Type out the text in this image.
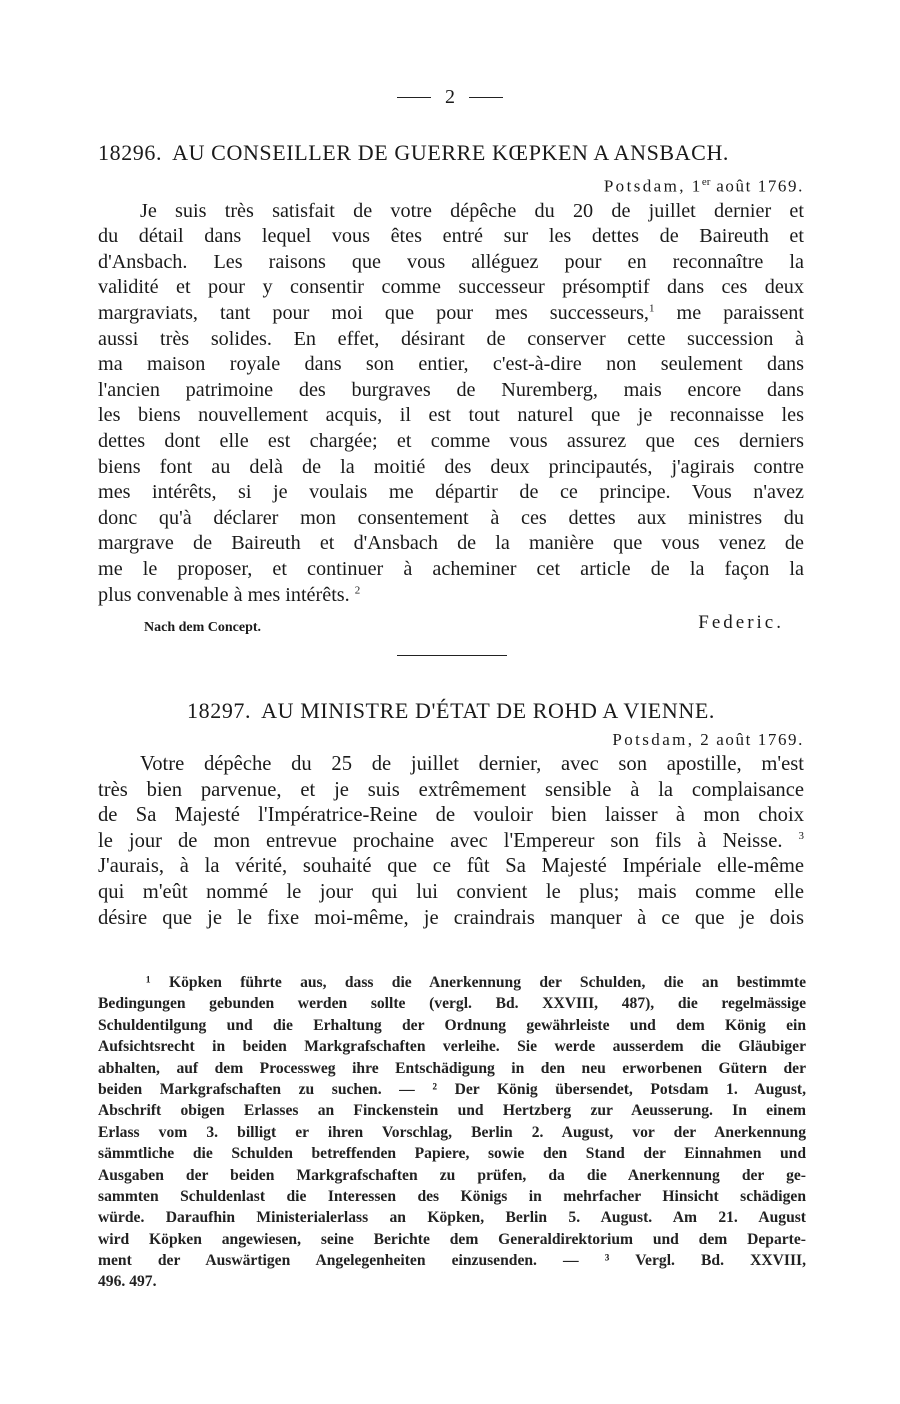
2
18296. AU CONSEILLER DE GUERRE KŒPKEN A ANSBACH.
Potsdam, 1er août 1769.
Je suis très satisfait de votre dépêche du 20 de juillet dernier et
du détail dans lequel vous êtes entré sur les dettes de Baireuth et
d'Ansbach. Les raisons que vous alléguez pour en reconnaître la
validité et pour y consentir comme successeur présomptif dans ces deux
margraviats, tant pour moi que pour mes successeurs,$^1$ me paraissent
aussi très solides. En effet, désirant de conserver cette succession à
ma maison royale dans son entier, c'est-à-dire non seulement dans
l'ancien patrimoine des burgraves de Nuremberg, mais encore dans
les biens nouvellement acquis, il est tout naturel que je reconnaisse les
dettes dont elle est chargée; et comme vous assurez que ces derniers
biens font au delà de la moitié des deux principautés, j'agirais contre
mes intérêts, si je voulais me départir de ce principe. Vous n'avez
donc qu'à déclarer mon consentement à ces dettes aux ministres du
margrave de Baireuth et d'Ansbach de la manière que vous venez de
me le proposer, et continuer à acheminer cet article de la façon la
plus convenable à mes intérêts. $^2$
Nach dem Concept.	Federic.
18297. AU MINISTRE D'ÉTAT DE ROHD A VIENNE.
Potsdam, 2 août 1769.
Votre dépêche du 25 de juillet dernier, avec son apostille, m'est
très bien parvenue, et je suis extrêmement sensible à la complaisance
de Sa Majesté l'Impératrice-Reine de vouloir bien laisser à mon choix
le jour de mon entrevue prochaine avec l'Empereur son fils à Neisse. $^3$
J'aurais, à la vérité, souhaité que ce fût Sa Majesté Impériale elle-même
qui m'eût nommé le jour qui lui convient le plus; mais comme elle
désire que je le fixe moi-même, je craindrais manquer à ce que je dois
¹ Köpken führte aus, dass die Anerkennung der Schulden, die an bestimmte
Bedingungen gebunden werden sollte (vergl. Bd. XXVIII, 487), die regelmässige
Schuldentilgung und die Erhaltung der Ordnung gewährleiste und dem König ein
Aufsichtsrecht in beiden Markgrafschaften verleihe. Sie werde ausserdem die Gläubiger
abhalten, auf dem Processweg ihre Entschädigung in den neu erworbenen Gütern der
beiden Markgrafschaften zu suchen. — ² Der König übersendet, Potsdam 1. August,
Abschrift obigen Erlasses an Finckenstein und Hertzberg zur Aeusserung. In einem
Erlass vom 3. billigt er ihren Vorschlag, Berlin 2. August, vor der Anerkennung
sämmtliche die Schulden betreffenden Papiere, sowie den Stand der Einnahmen und
Ausgaben der beiden Markgrafschaften zu prüfen, da die Anerkennung der ge-
sammten Schuldenlast die Interessen des Königs in mehrfacher Hinsicht schädigen
würde. Daraufhin Ministerialerlass an Köpken, Berlin 5. August. Am 21. August
wird Köpken angewiesen, seine Berichte dem Generaldirektorium und dem Departe-
ment der Auswärtigen Angelegenheiten einzusenden. — ³ Vergl. Bd. XXVIII,
496. 497.
